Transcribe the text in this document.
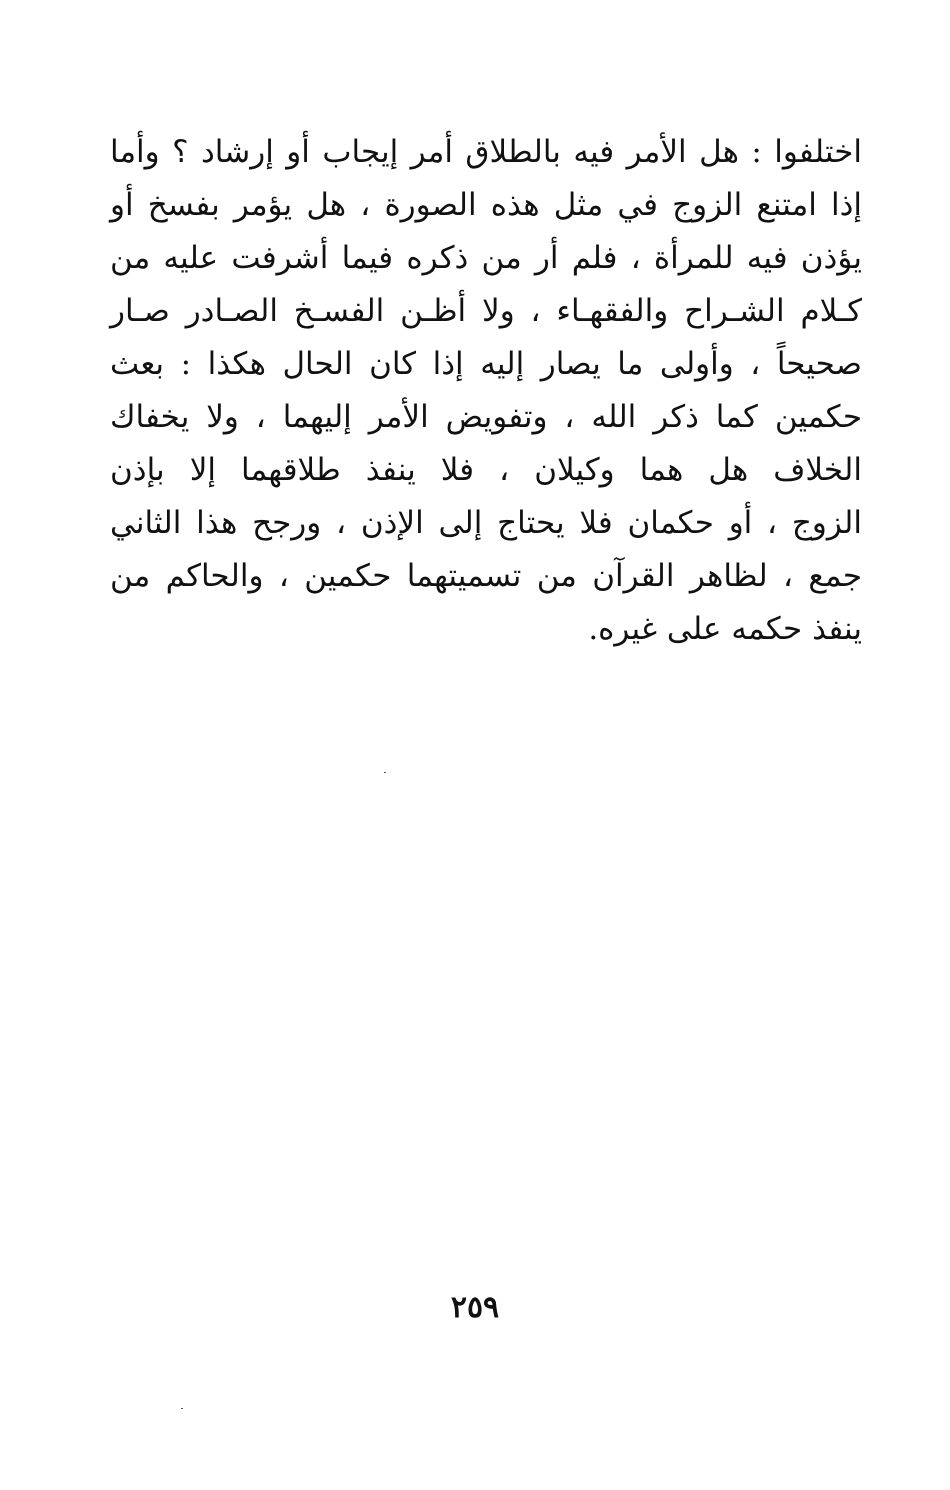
اختلفوا : هل الأمر فيه بالطلاق أمر إيجاب أو إرشاد ؟ وأما
إذا امتنع الزوج في مثل هذه الصورة ، هل يؤمر بفسخ أو
يؤذن فيه للمرأة ، فلم أر من ذكره فيما أشرفت عليه من
كـلام الشـراح والفقهـاء ، ولا أظـن الفسـخ الصـادر صـار
صحيحاً ، وأولى ما يصار إليه إذا كان الحال هكذا : بعث
حكمين كما ذكر الله ، وتفويض الأمر إليهما ، ولا يخفاك
الخلاف هل هما وكيلان ، فلا ينفذ طلاقهما إلا بإذن
الزوج ، أو حكمان فلا يحتاج إلى الإذن ، ورجح هذا الثاني
جمع ، لظاهر القرآن من تسميتهما حكمين ، والحاكم من
ينفذ حكمه على غيره.
٢٥٩
